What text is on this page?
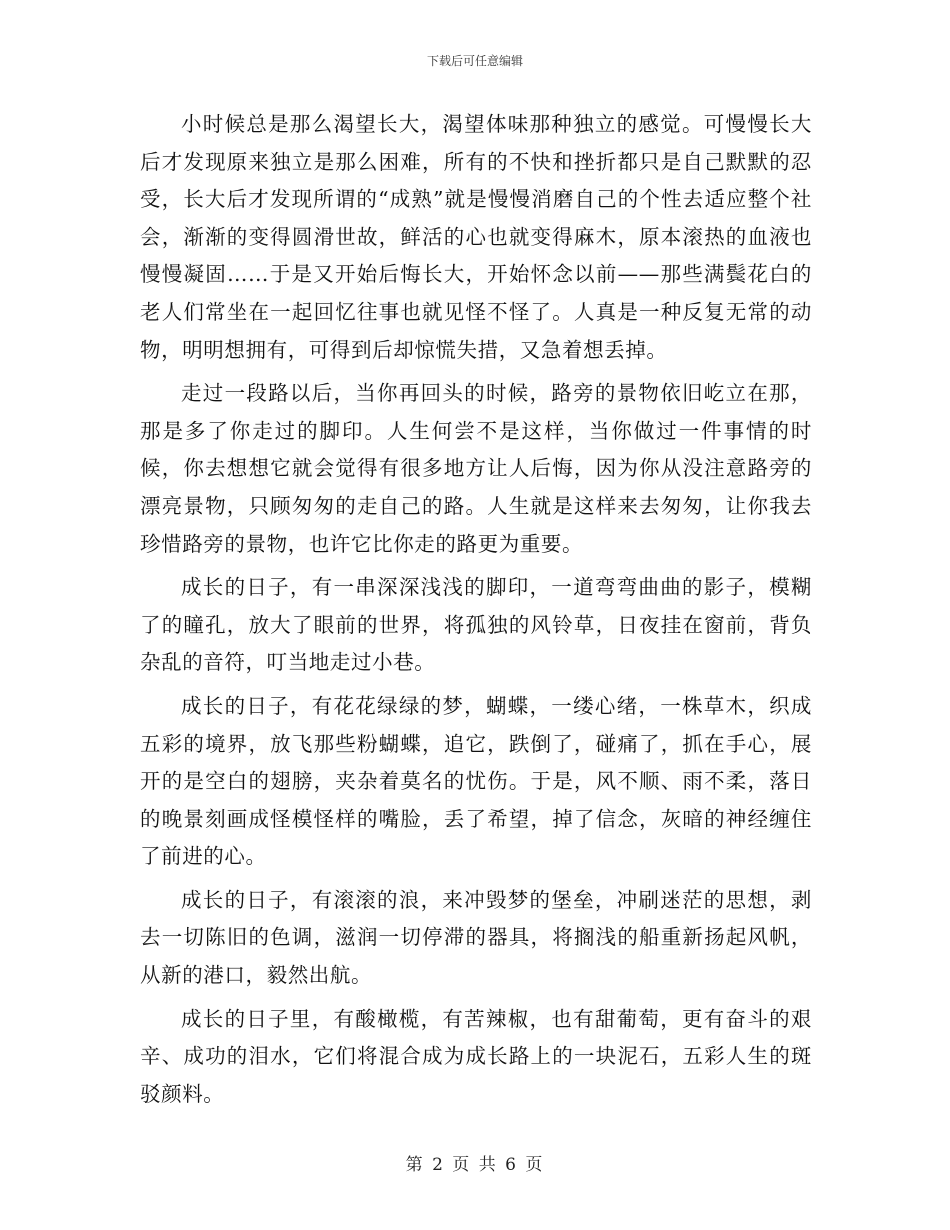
下载后可任意编辑

小时候总是那么渴望长大，渴望体味那种独立的感觉。可慢慢长大后才发现原来独立是那么困难，所有的不快和挫折都只是自己默默的忍受，长大后才发现所谓的“成熟”就是慢慢消磨自己的个性去适应整个社会，渐渐的变得圆滑世故，鲜活的心也就变得麻木，原本滚热的血液也慢慢凝固……于是又开始后悔长大，开始怀念以前——那些满鬓花白的老人们常坐在一起回忆往事也就见怪不怪了。人真是一种反复无常的动物，明明想拥有，可得到后却惊慌失措，又急着想丢掉。

走过一段路以后，当你再回头的时候，路旁的景物依旧屹立在那，那是多了你走过的脚印。人生何尝不是这样，当你做过一件事情的时候，你去想想它就会觉得有很多地方让人后悔，因为你从没注意路旁的漂亮景物，只顾匆匆的走自己的路。人生就是这样来去匆匆，让你我去珍惜路旁的景物，也许它比你走的路更为重要。

成长的日子，有一串深深浅浅的脚印，一道弯弯曲曲的影子，模糊了的瞳孔，放大了眼前的世界，将孤独的风铃草，日夜挂在窗前，背负杂乱的音符，叮当地走过小巷。

成长的日子，有花花绿绿的梦，蝴蝶，一缕心绪，一株草木，织成五彩的境界，放飞那些粉蝴蝶，追它，跌倒了，碰痛了，抓在手心，展开的是空白的翅膀，夹杂着莫名的忧伤。于是，风不顺、雨不柔，落日的晚景刻画成怪模怪样的嘴脸，丢了希望，掉了信念，灰暗的神经缠住了前进的心。

成长的日子，有滚滚的浪，来冲毁梦的堡垒，冲刷迷茫的思想，剥去一切陈旧的色调，滋润一切停滞的器具，将搁浅的船重新扬起风帆，从新的港口，毅然出航。

成长的日子里，有酸橄榄，有苦辣椒，也有甜葡萄，更有奋斗的艰辛、成功的泪水，它们将混合成为成长路上的一块泥石，五彩人生的斑驳颜料。

第 2 页 共 6 页
